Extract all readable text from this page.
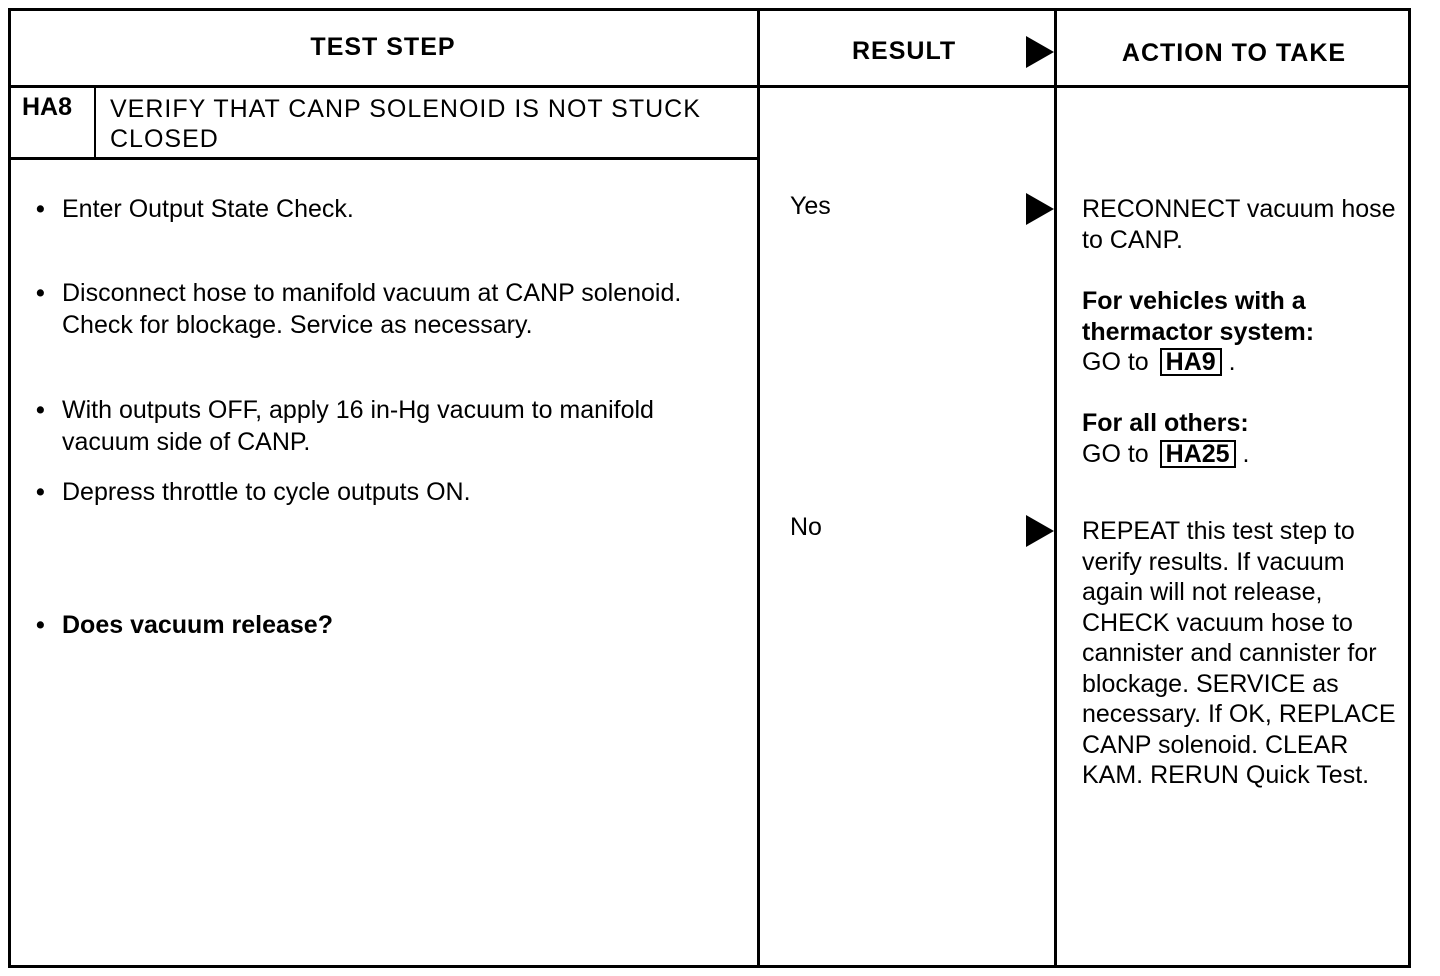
TEST STEP	RESULT	ACTION TO TAKE
HA8 VERIFY THAT CANP SOLENOID IS NOT STUCK CLOSED
• Enter Output State Check.
• Disconnect hose to manifold vacuum at CANP solenoid. Check for blockage. Service as necessary.
• With outputs OFF, apply 16 in-Hg vacuum to manifold vacuum side of CANP.
• Depress throttle to cycle outputs ON.
• Does vacuum release?
Yes
No
RECONNECT vacuum hose to CANP.
For vehicles with a thermactor system:
GO to HA9 .
For all others:
GO to HA25 .
REPEAT this test step to verify results. If vacuum again will not release, CHECK vacuum hose to cannister and cannister for blockage. SERVICE as necessary. If OK, REPLACE CANP solenoid. CLEAR KAM. RERUN Quick Test.
